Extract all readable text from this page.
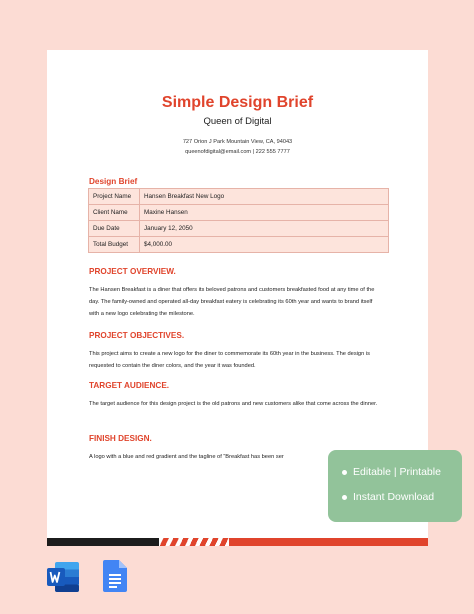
Simple Design Brief
Queen of Digital
727 Orion J Park Mountain View, CA, 94043
queenofdigital@email.com | 222 555 7777
Design Brief
Project Name	Hansen Breakfast New Logo
Client Name	Maxine Hansen
Due Date	January 12, 2050
Total Budget	$4,000.00
PROJECT OVERVIEW.
The Hansen Breakfast is a diner that offers its beloved patrons and customers breakfasted food at any time of the day. The family-owned and operated all-day breakfast eatery is celebrating its 60th year and wants to brand itself with a new logo celebrating the milestone.
PROJECT OBJECTIVES.
This project aims to create a new logo for the diner to commemorate its 60th year in the business. The design is requested to contain the diner colors, and the year it was founded.
TARGET AUDIENCE.
The target audience for this design project is the old patrons and new customers alike that come across the dinner.
FINISH DESIGN.
A logo with a blue and red gradient and the tagline of “Breakfast has been ser
Editable | Printable
Instant Download
